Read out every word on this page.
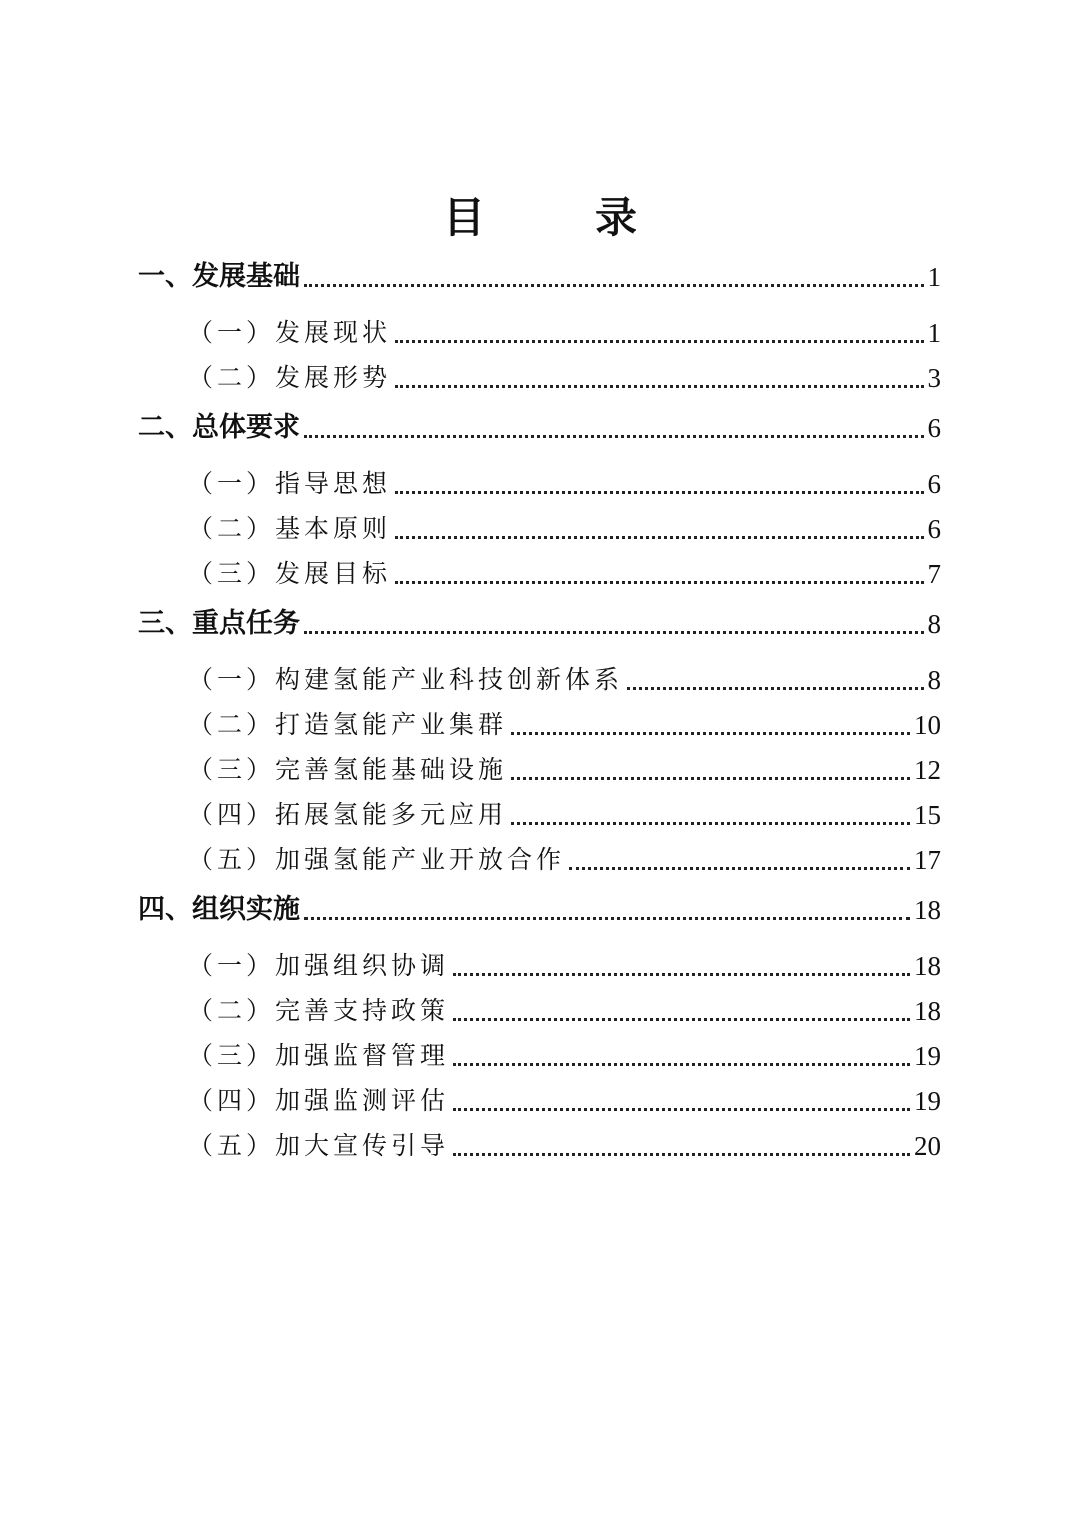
目　录
一、发展基础	1
（一）发展现状	1
（二）发展形势	3
二、总体要求	6
（一）指导思想	6
（二）基本原则	6
（三）发展目标	7
三、重点任务	8
（一）构建氢能产业科技创新体系	8
（二）打造氢能产业集群	10
（三）完善氢能基础设施	12
（四）拓展氢能多元应用	15
（五）加强氢能产业开放合作	17
四、组织实施	18
（一）加强组织协调	18
（二）完善支持政策	18
（三）加强监督管理	19
（四）加强监测评估	19
（五）加大宣传引导	20
